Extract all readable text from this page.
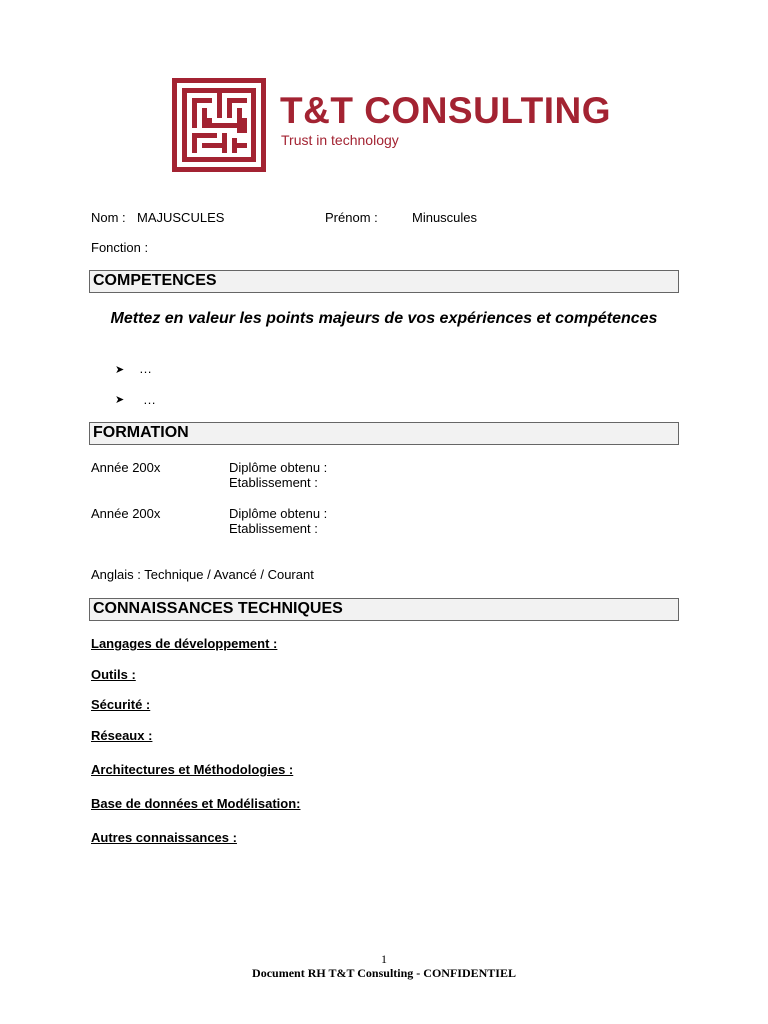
T&T CONSULTING
Trust in technology
Nom : MAJUSCULES	Prénom :	Minuscules
Fonction :
COMPETENCES
Mettez en valeur les points majeurs de vos expériences et compétences
➤ …
➤ …
FORMATION
Année 200x	Diplôme obtenu :
Etablissement :
Année 200x	Diplôme obtenu :
Etablissement :
Anglais : Technique / Avancé / Courant
CONNAISSANCES TECHNIQUES
Langages de développement :
Outils :
Sécurité :
Réseaux :
Architectures et Méthodologies :
Base de données et Modélisation:
Autres connaissances :
1
Document RH T&T Consulting - CONFIDENTIEL
